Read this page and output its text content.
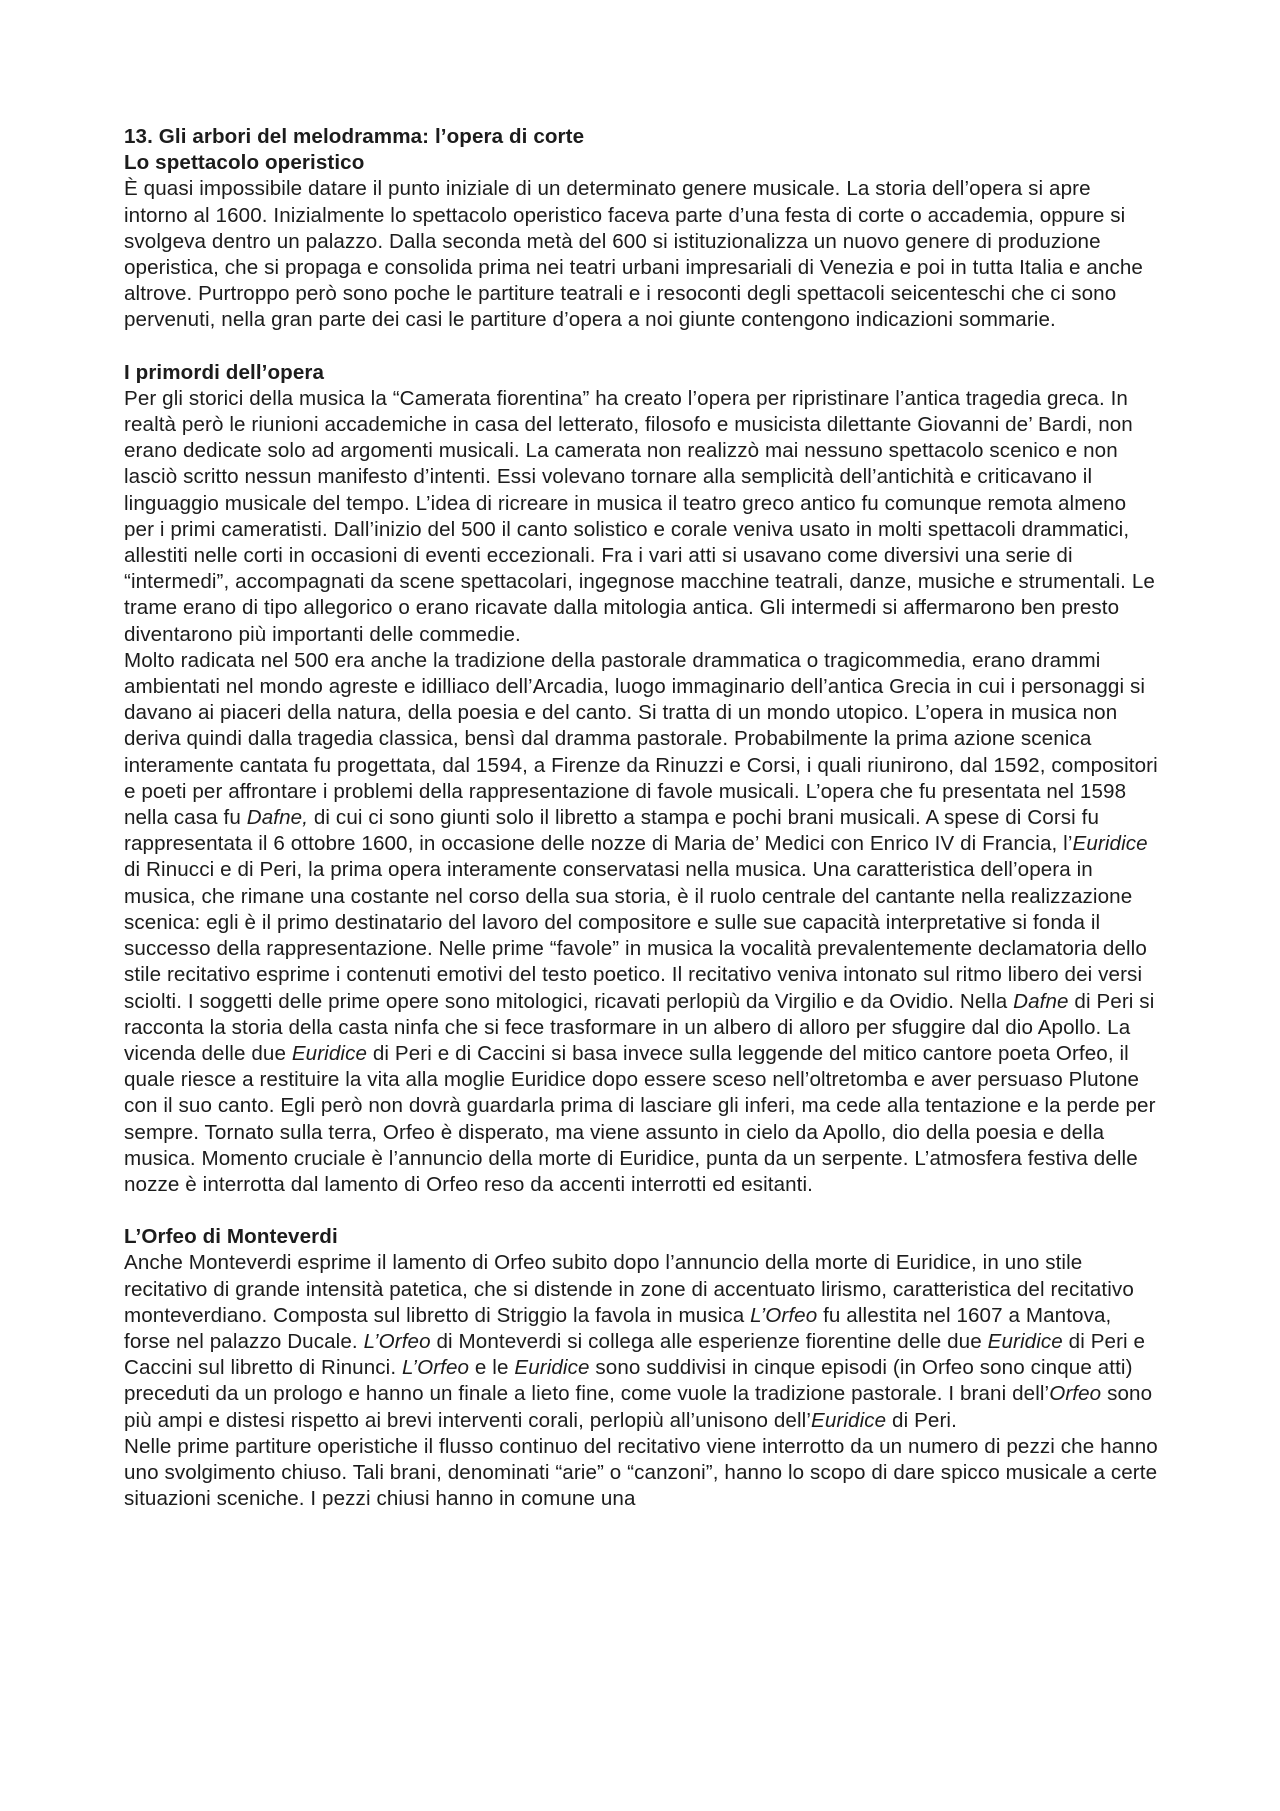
13. Gli arbori del melodramma: l’opera di corte

Lo spettacolo operistico

È quasi impossibile datare il punto iniziale di un determinato genere musicale. La storia dell’opera si apre intorno al 1600. Inizialmente lo spettacolo operistico faceva parte d’una festa di corte o accademia, oppure si svolgeva dentro un palazzo. Dalla seconda metà del 600 si istituzionalizza un nuovo genere di produzione operistica, che si propaga e consolida prima nei teatri urbani impresariali di Venezia e poi in tutta Italia e anche altrove. Purtroppo però sono poche le partiture teatrali e i resoconti degli spettacoli seicenteschi che ci sono pervenuti, nella gran parte dei casi le partiture d’opera a noi giunte contengono indicazioni sommarie.

I primordi dell’opera

Per gli storici della musica la “Camerata fiorentina” ha creato l’opera per ripristinare l’antica tragedia greca. In realtà però le riunioni accademiche in casa del letterato, filosofo e musicista dilettante Giovanni de’ Bardi, non erano dedicate solo ad argomenti musicali. La camerata non realizzò mai nessuno spettacolo scenico e non lasciò scritto nessun manifesto d’intenti. Essi volevano tornare alla semplicità dell’antichità e criticavano il linguaggio musicale del tempo. L’idea di ricreare in musica il teatro greco antico fu comunque remota almeno per i primi cameratisti. Dall’inizio del 500 il canto solistico e corale veniva usato in molti spettacoli drammatici, allestiti nelle corti in occasioni di eventi eccezionali. Fra i vari atti si usavano come diversivi una serie di “intermedi”, accompagnati da scene spettacolari, ingegnose macchine teatrali, danze, musiche e strumentali. Le trame erano di tipo allegorico o erano ricavate dalla mitologia antica. Gli intermedi si affermarono ben presto diventarono più importanti delle commedie.

Molto radicata nel 500 era anche la tradizione della pastorale drammatica o tragicommedia, erano drammi ambientati nel mondo agreste e idilliaco dell’Arcadia, luogo immaginario dell’antica Grecia in cui i personaggi si davano ai piaceri della natura, della poesia e del canto. Si tratta di un mondo utopico. L’opera in musica non deriva quindi dalla tragedia classica, bensì dal dramma pastorale. Probabilmente la prima azione scenica interamente cantata fu progettata, dal 1594, a Firenze da Rinuzzi e Corsi, i quali riunirono, dal 1592, compositori e poeti per affrontare i problemi della rappresentazione di favole musicali. L’opera che fu presentata nel 1598 nella casa fu Dafne, di cui ci sono giunti solo il libretto a stampa e pochi brani musicali. A spese di Corsi fu rappresentata il 6 ottobre 1600, in occasione delle nozze di Maria de’ Medici con Enrico IV di Francia, l’Euridice di Rinucci e di Peri, la prima opera interamente conservatasi nella musica. Una caratteristica dell’opera in musica, che rimane una costante nel corso della sua storia, è il ruolo centrale del cantante nella realizzazione scenica: egli è il primo destinatario del lavoro del compositore e sulle sue capacità interpretative si fonda il successo della rappresentazione. Nelle prime “favole” in musica la vocalità prevalentemente declamatoria dello stile recitativo esprime i contenuti emotivi del testo poetico. Il recitativo veniva intonato sul ritmo libero dei versi sciolti. I soggetti delle prime opere sono mitologici, ricavati perlopiù da Virgilio e da Ovidio. Nella Dafne di Peri si racconta la storia della casta ninfa che si fece trasformare in un albero di alloro per sfuggire dal dio Apollo. La vicenda delle due Euridice di Peri e di Caccini si basa invece sulla leggende del mitico cantore poeta Orfeo, il quale riesce a restituire la vita alla moglie Euridice dopo essere sceso nell’oltretomba e aver persuaso Plutone con il suo canto. Egli però non dovrà guardarla prima di lasciare gli inferi, ma cede alla tentazione e la perde per sempre. Tornato sulla terra, Orfeo è disperato, ma viene assunto in cielo da Apollo, dio della poesia e della musica. Momento cruciale è l’annuncio della morte di Euridice, punta da un serpente. L’atmosfera festiva delle nozze è interrotta dal lamento di Orfeo reso da accenti interrotti ed esitanti.

L’Orfeo di Monteverdi

Anche Monteverdi esprime il lamento di Orfeo subito dopo l’annuncio della morte di Euridice, in uno stile recitativo di grande intensità patetica, che si distende in zone di accentuato lirismo, caratteristica del recitativo monteverdiano. Composta sul libretto di Striggio la favola in musica L’Orfeo fu allestita nel 1607 a Mantova, forse nel palazzo Ducale. L’Orfeo di Monteverdi si collega alle esperienze fiorentine delle due Euridice di Peri e Caccini sul libretto di Rinunci. L’Orfeo e le Euridice sono suddivisi in cinque episodi (in Orfeo sono cinque atti) preceduti da un prologo e hanno un finale a lieto fine, come vuole la tradizione pastorale. I brani dell’Orfeo sono più ampi e distesi rispetto ai brevi interventi corali, perlopiù all’unisono dell’Euridice di Peri.

Nelle prime partiture operistiche il flusso continuo del recitativo viene interrotto da un numero di pezzi che hanno uno svolgimento chiuso. Tali brani, denominati “arie” o “canzoni”, hanno lo scopo di dare spicco musicale a certe situazioni sceniche. I pezzi chiusi hanno in comune una
